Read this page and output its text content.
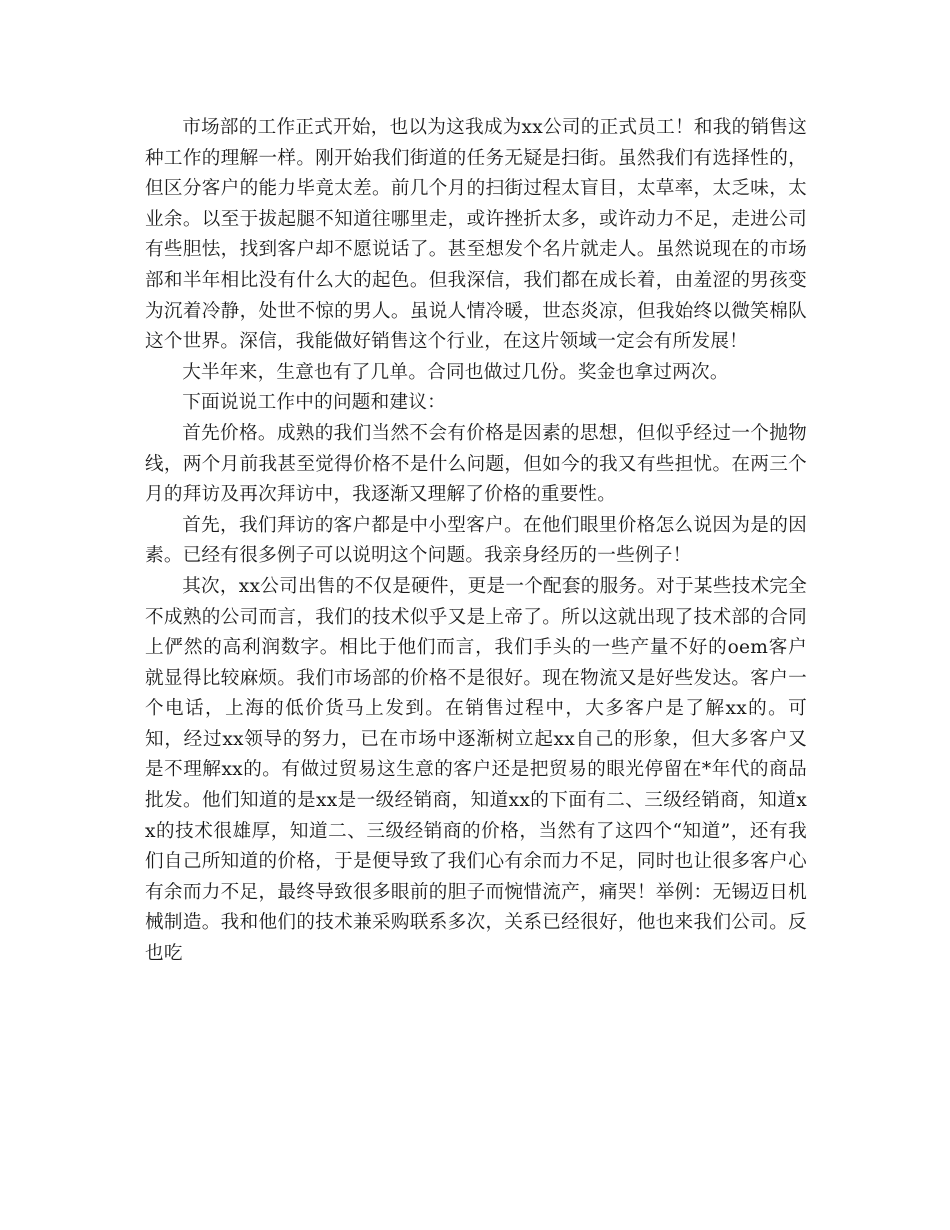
市场部的工作正式开始，也以为这我成为xx公司的正式员工！和我的销售这种工作的理解一样。刚开始我们街道的任务无疑是扫街。虽然我们有选择性的，但区分客户的能力毕竟太差。前几个月的扫街过程太盲目，太草率，太乏味，太业余。以至于拔起腿不知道往哪里走，或许挫折太多，或许动力不足，走进公司有些胆怯，找到客户却不愿说话了。甚至想发个名片就走人。虽然说现在的市场部和半年相比没有什么大的起色。但我深信，我们都在成长着，由羞涩的男孩变为沉着冷静，处世不惊的男人。虽说人情冷暖，世态炎凉，但我始终以微笑棉队这个世界。深信，我能做好销售这个行业，在这片领域一定会有所发展！

大半年来，生意也有了几单。合同也做过几份。奖金也拿过两次。

下面说说工作中的问题和建议：

首先价格。成熟的我们当然不会有价格是因素的思想，但似乎经过一个抛物线，两个月前我甚至觉得价格不是什么问题，但如今的我又有些担忧。在两三个月的拜访及再次拜访中，我逐渐又理解了价格的重要性。

首先，我们拜访的客户都是中小型客户。在他们眼里价格怎么说因为是的因素。已经有很多例子可以说明这个问题。我亲身经历的一些例子！

其次，xx公司出售的不仅是硬件，更是一个配套的服务。对于某些技术完全不成熟的公司而言，我们的技术似乎又是上帝了。所以这就出现了技术部的合同上俨然的高利润数字。相比于他们而言，我们手头的一些产量不好的oem客户就显得比较麻烦。我们市场部的价格不是很好。现在物流又是好些发达。客户一个电话，上海的低价货马上发到。在销售过程中，大多客户是了解xx的。可知，经过xx领导的努力，已在市场中逐渐树立起xx自己的形象，但大多客户又是不理解xx的。有做过贸易这生意的客户还是把贸易的眼光停留在*年代的商品批发。他们知道的是xx是一级经销商，知道xx的下面有二、三级经销商，知道xx的技术很雄厚，知道二、三级经销商的价格，当然有了这四个“知道”，还有我们自己所知道的价格，于是便导致了我们心有余而力不足，同时也让很多客户心有余而力不足，最终导致很多眼前的胆子而惋惜流产，痛哭！举例：无锡迈日机械制造。我和他们的技术兼采购联系多次，关系已经很好，他也来我们公司。反也吃
